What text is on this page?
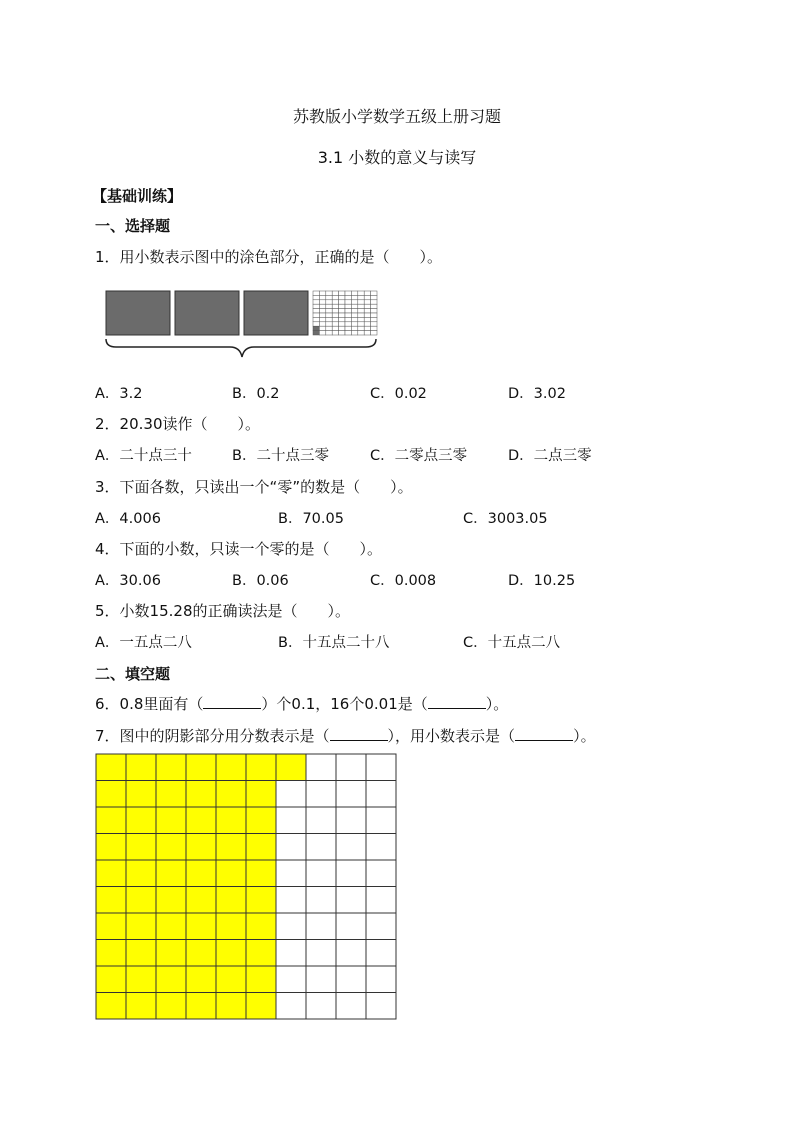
苏教版小学数学五级上册习题
3.1 小数的意义与读写
【基础训练】
一、选择题
1．用小数表示图中的涂色部分，正确的是（　　）。
A．3.2	B．0.2	C．0.02	D．3.02
2．20.30读作（　　）。
A．二十点三十	B．二十点三零	C．二零点三零	D．二点三零
3．下面各数，只读出一个“零”的数是（　　）。
A．4.006	B．70.05	C．3003.05
4．下面的小数，只读一个零的是（　　）。
A．30.06	B．0.06	C．0.008	D．10.25
5．小数15.28的正确读法是（　　）。
A．一五点二八	B．十五点二十八	C．十五点二八
二、填空题
6．0.8里面有（	）个0.1，16个0.01是（	）。
7．图中的阴影部分用分数表示是（	），用小数表示是（	）。
